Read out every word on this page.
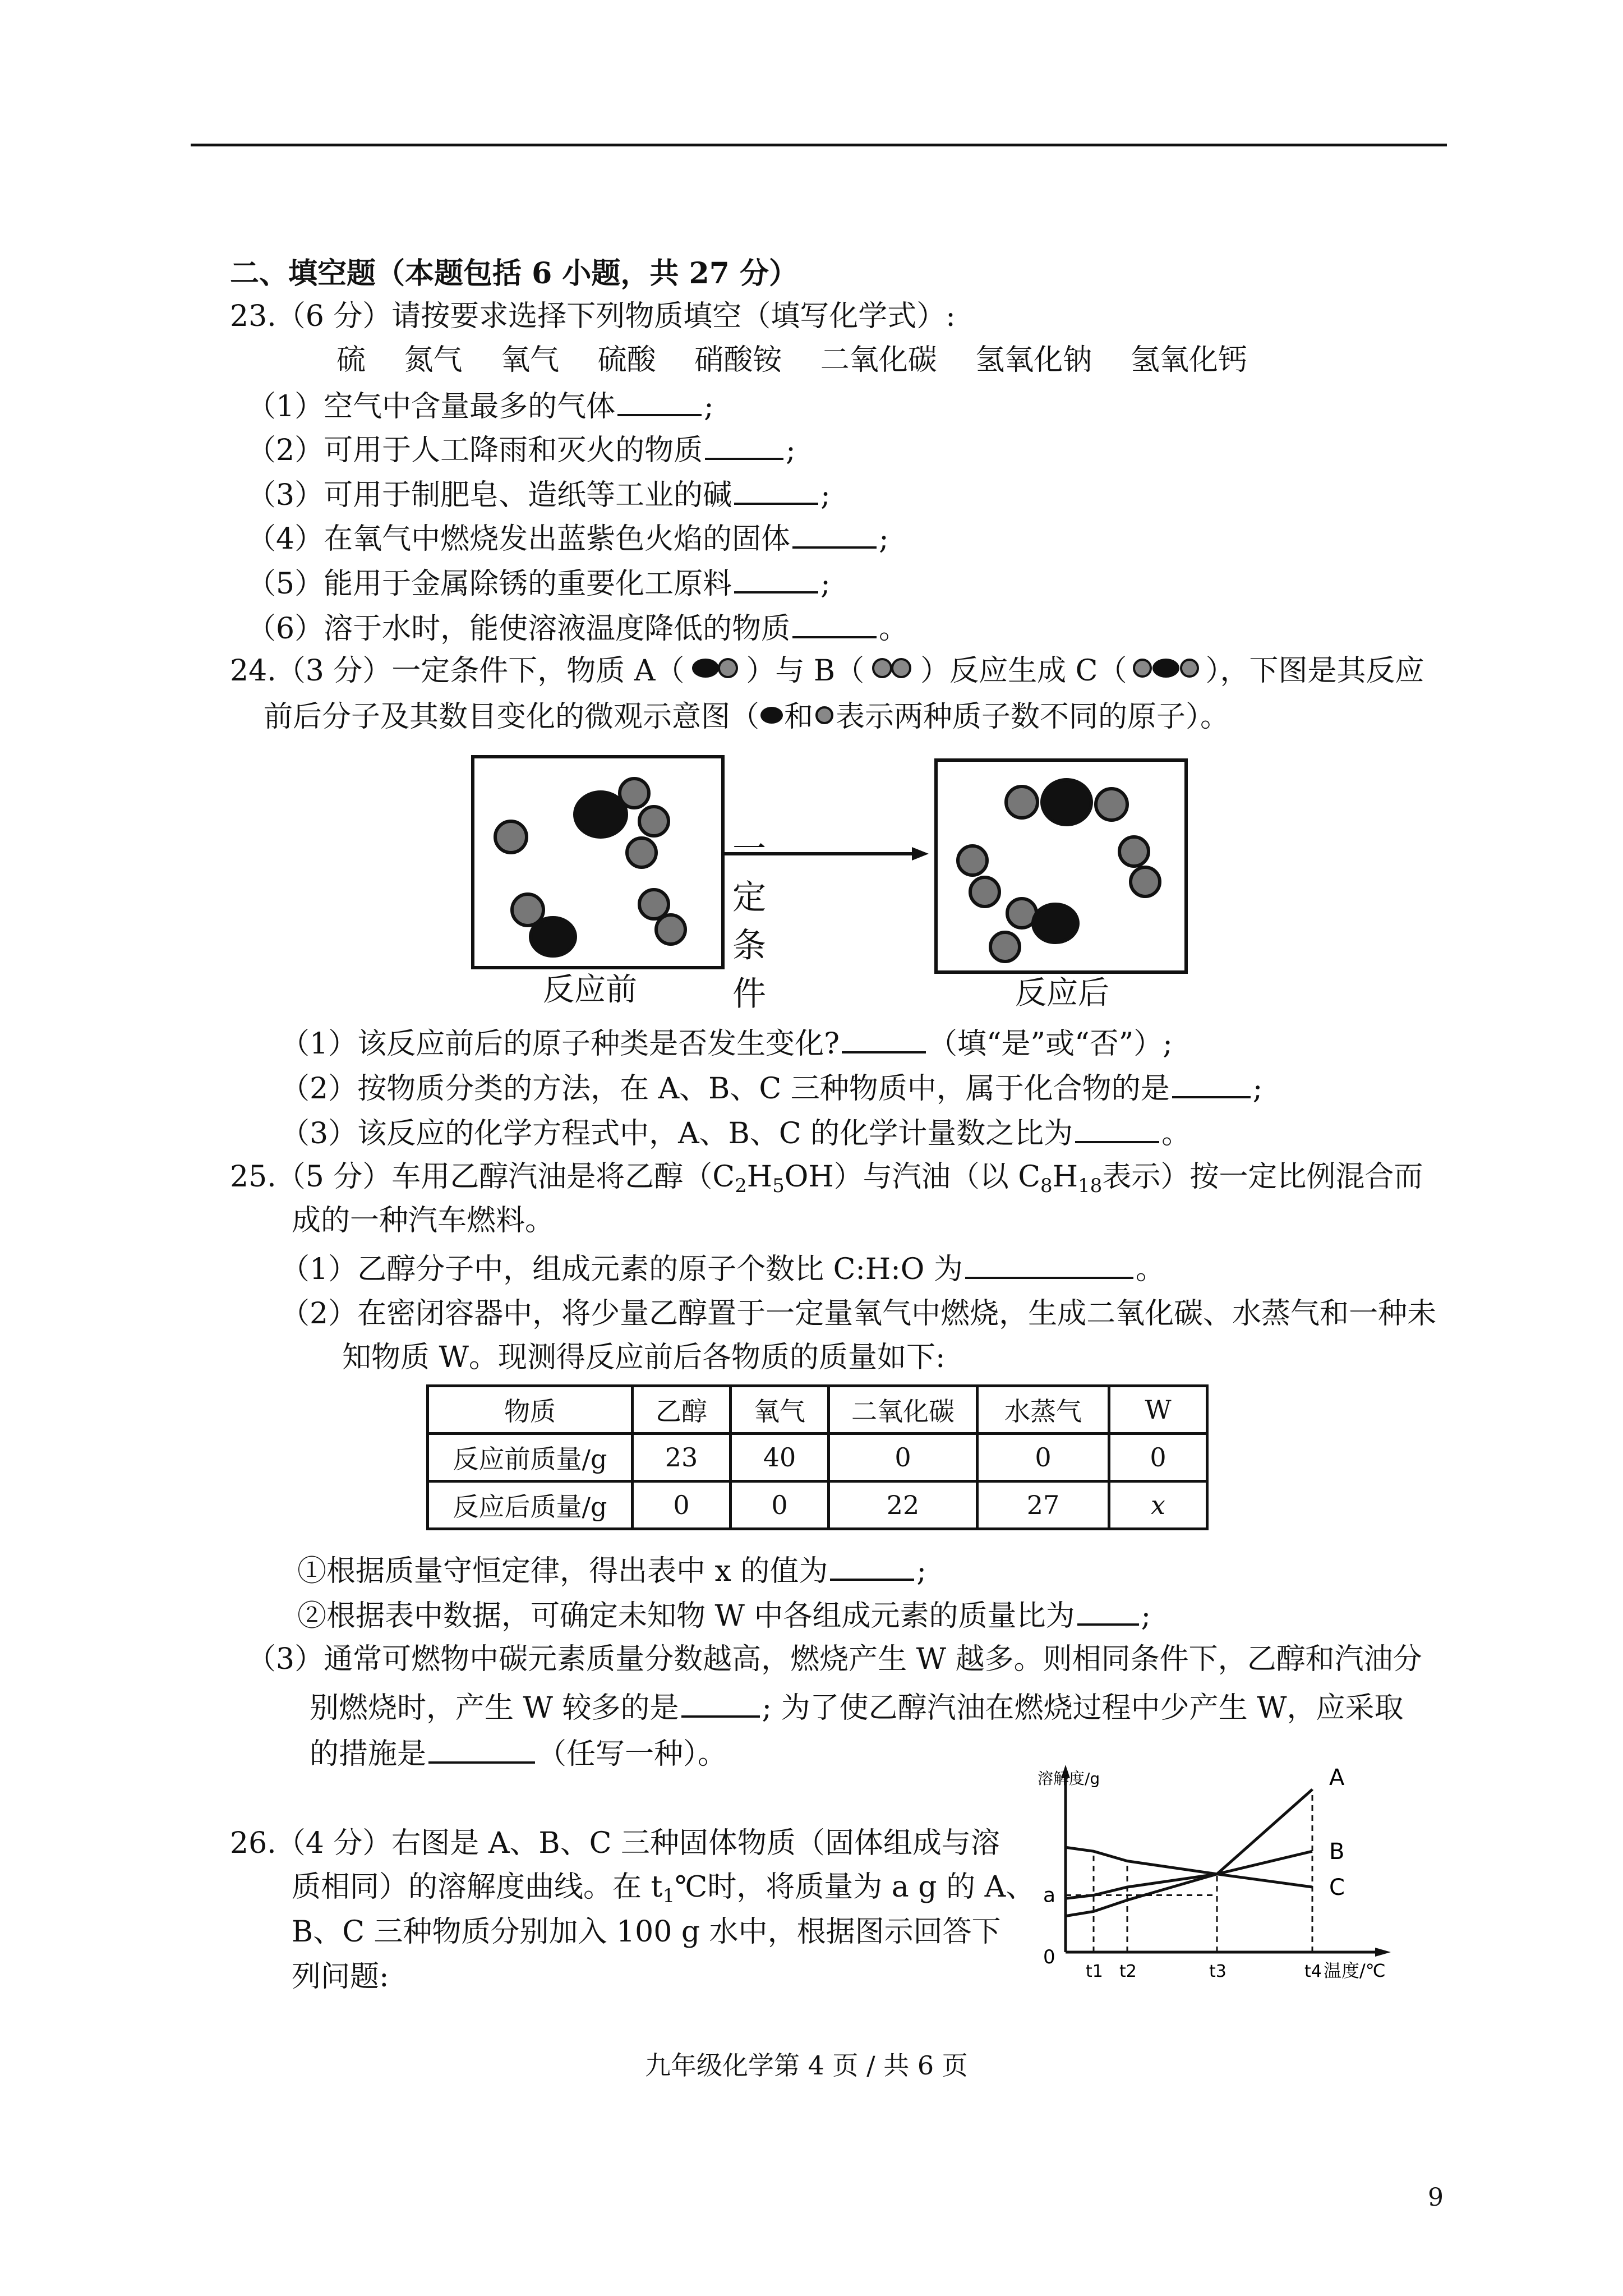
二、填空题（本题包括 6 小题，共 27 分）
23.（6 分）请按要求选择下列物质填空（填写化学式）:
硫  氮气  氧气  硫酸  硝酸铵  二氧化碳  氢氧化钠  氢氧化钙
（1）空气中含量最多的气体	;
（2）可用于人工降雨和灭火的物质	;
（3）可用于制肥皂、造纸等工业的碱	;
（4）在氧气中燃烧发出蓝紫色火焰的固体	;
（5）能用于金属除锈的重要化工原料	;
（6）溶于水时，能使溶液温度降低的物质	。
24.（3 分）一定条件下，物质 A（ ）与 B（ ）反应生成 C（	），下图是其反应
前后分子及其数目变化的微观示意图（ 和 表示两种质子数不同的原子）。
一定条件
反应前	反应后
（1）该反应前后的原子种类是否发生变化?	（填“是”或“否”）;
（2）按物质分类的方法，在 A、B、C 三种物质中，属于化合物的是	;
（3）该反应的化学方程式中，A、B、C 的化学计量数之比为	。
25.（5 分）车用乙醇汽油是将乙醇$(C_2H_5OH)$与汽油（以 $C_8H_{18}$表示）按一定比例混合而
成的一种汽车燃料。
（1）乙醇分子中，组成元素的原子个数比 C:H:O 为	。
（2）在密闭容器中，将少量乙醇置于一定量氧气中燃烧，生成二氧化碳、水蒸气和一种未
知物质 W。现测得反应前后各物质的质量如下:
物质	乙醇	氧气	二氧化碳	水蒸气	W
反应前质量/g	23	40	0	0	0
反应后质量/g	0	0	22	27	x
①根据质量守恒定律，得出表中 x 的值为	;
②根据表中数据，可确定未知物 W 中各组成元素的质量比为 ;
（3）通常可燃物中碳元素质量分数越高，燃烧产生 W 越多。则相同条件下，乙醇和汽油分
别燃烧时，产生 W 较多的是	; 为了使乙醇汽油在燃烧过程中少产生 W，应采取
的措施是	（任写一种）。
26.（4 分）右图是 A、B、C 三种固体物质（固体组成与溶
质相同）的溶解度曲线。在 $t_1℃$时，将质量为 a g 的 A、
B、C 三种物质分别加入 100 g 水中，根据图示回答下
列问题:
A
B
C
t1 t2	t3	t4
0
a
溶解度/g
温度/℃
九年级化学第 4 页 / 共 6 页
9
